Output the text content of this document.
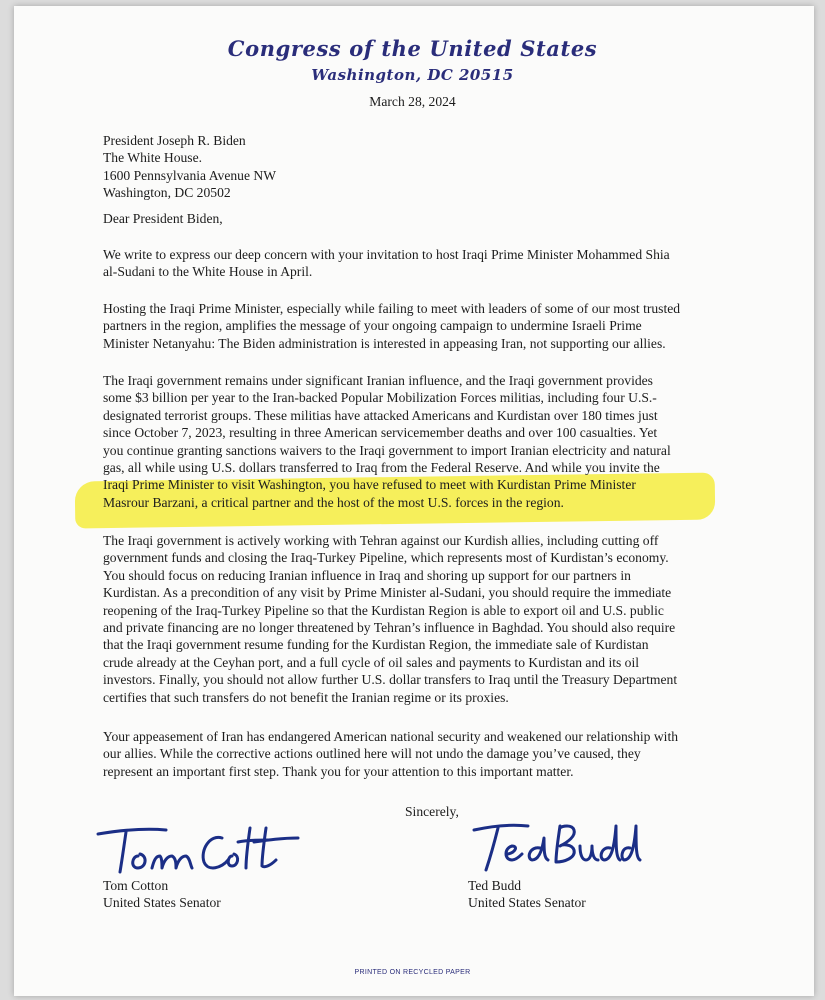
Congress of the United States
Washington, DC 20515
March 28, 2024
President Joseph R. Biden
The White House.
1600 Pennsylvania Avenue NW
Washington, DC 20502
Dear President Biden,
We write to express our deep concern with your invitation to host Iraqi Prime Minister Mohammed Shia
al-Sudani to the White House in April.
Hosting the Iraqi Prime Minister, especially while failing to meet with leaders of some of our most trusted
partners in the region, amplifies the message of your ongoing campaign to undermine Israeli Prime
Minister Netanyahu: The Biden administration is interested in appeasing Iran, not supporting our allies.
The Iraqi government remains under significant Iranian influence, and the Iraqi government provides
some $3 billion per year to the Iran-backed Popular Mobilization Forces militias, including four U.S.-
designated terrorist groups. These militias have attacked Americans and Kurdistan over 180 times just
since October 7, 2023, resulting in three American servicemember deaths and over 100 casualties. Yet
you continue granting sanctions waivers to the Iraqi government to import Iranian electricity and natural
gas, all while using U.S. dollars transferred to Iraq from the Federal Reserve. And while you invite the
Iraqi Prime Minister to visit Washington, you have refused to meet with Kurdistan Prime Minister
Masrour Barzani, a critical partner and the host of the most U.S. forces in the region.
The Iraqi government is actively working with Tehran against our Kurdish allies, including cutting off
government funds and closing the Iraq-Turkey Pipeline, which represents most of Kurdistan’s economy.
You should focus on reducing Iranian influence in Iraq and shoring up support for our partners in
Kurdistan. As a precondition of any visit by Prime Minister al-Sudani, you should require the immediate
reopening of the Iraq-Turkey Pipeline so that the Kurdistan Region is able to export oil and U.S. public
and private financing are no longer threatened by Tehran’s influence in Baghdad. You should also require
that the Iraqi government resume funding for the Kurdistan Region, the immediate sale of Kurdistan
crude already at the Ceyhan port, and a full cycle of oil sales and payments to Kurdistan and its oil
investors. Finally, you should not allow further U.S. dollar transfers to Iraq until the Treasury Department
certifies that such transfers do not benefit the Iranian regime or its proxies.
Your appeasement of Iran has endangered American national security and weakened our relationship with
our allies. While the corrective actions outlined here will not undo the damage you’ve caused, they
represent an important first step. Thank you for your attention to this important matter.
Sincerely,
Tom Cotton
United States Senator
Ted Budd
United States Senator
PRINTED ON RECYCLED PAPER
